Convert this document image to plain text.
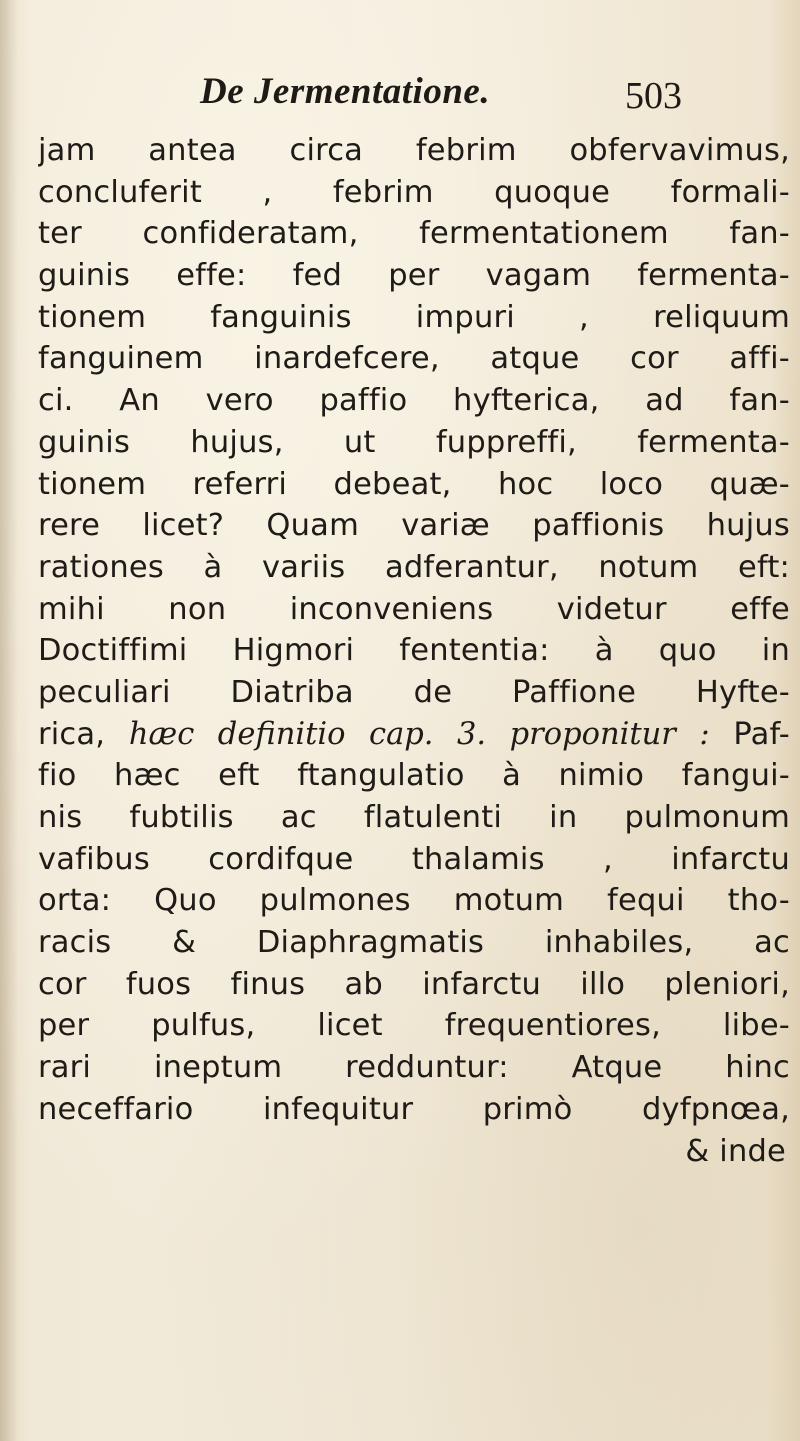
De Jermentatione.	503
jam antea circa febrim obfervavimus,
concluferit , febrim quoque formali-
ter confideratam, fermentationem fan-
guinis effe: fed per vagam fermenta-
tionem fanguinis impuri , reliquum
fanguinem inardefcere, atque cor affi-
ci. An vero paffio hyfterica, ad fan-
guinis hujus, ut fuppreffi, fermenta-
tionem referri debeat, hoc loco quæ-
rere licet? Quam variæ paffionis hujus
rationes à variis adferantur, notum eft:
mihi non inconveniens videtur effe
Doctiffimi Higmori fententia: à quo in
peculiari Diatriba de Paffione Hyfte-
rica, hæc definitio cap. 3. proponitur : Paf-
fio hæc eft ftangulatio à nimio fangui-
nis fubtilis ac flatulenti in pulmonum
vafibus cordifque thalamis , infarctu
orta: Quo pulmones motum fequi tho-
racis & Diaphragmatis inhabiles, ac
cor fuos finus ab infarctu illo pleniori,
per pulfus, licet frequentiores, libe-
rari ineptum redduntur: Atque hinc
neceffario infequitur primò dyfpnœa,
& inde
